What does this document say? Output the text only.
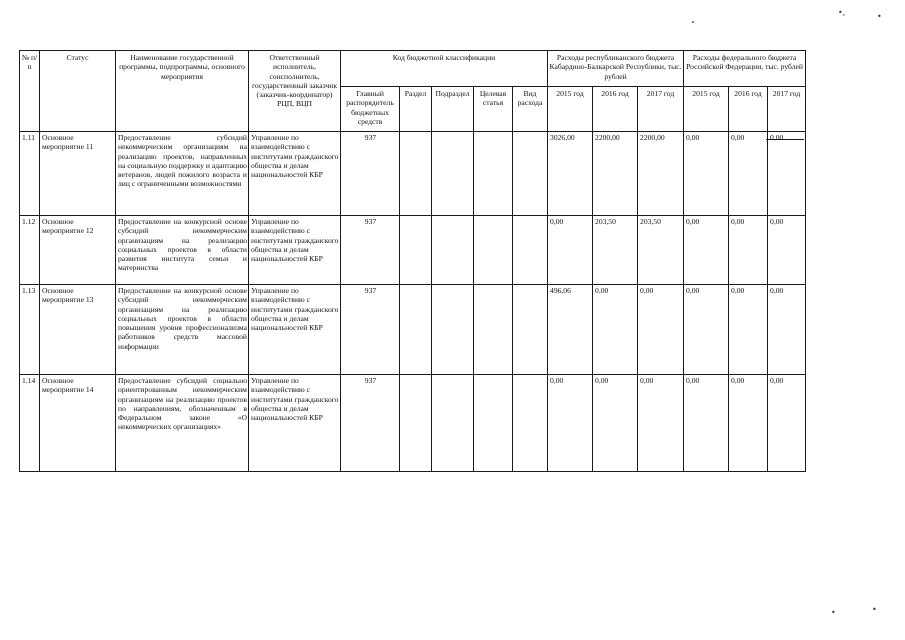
•,	•
•	•
№ п/п	Статус	Наименование государственной программы, подпрограммы, основного мероприятия	Ответственный исполнитель, соисполнитель, государственный заказчик (заказчик-координатор) РЦП, ВЦП	Код бюджетной классификации					Расходы республиканского бюджета Кабардино-Балкарской Республики, тыс. рублей			Расходы федерального бюджета Российской Федерации, тыс. рублей		
				Главный распорядитель бюджетных средств	Раздел	Подраздел	Целевая статья	Вид расхода	2015 год	2016 год	2017 год	2015 год	2016 год	2017 год
1.11	Основное мероприятие 11	Предоставление субсидий некоммерческим организациям на реализацию проектов, направленных на социальную поддержку и адаптацию ветеранов, людей пожилого возраста и лиц с ограниченными возможностями	Управление по взаимодействию с институтами гражданского общества и делам национальностей КБР	937					3026,00	2200,00	2200,00	0,00	0,00	0,00
1.12	Основное мероприятие 12	Предоставление на конкурсной основе субсидий некоммерческим организациям на реализацию социальных проектов в области развития института семьи и материнства	Управление по взаимодействию с институтами гражданского общества и делам национальностей КБР	937					0,00	203,50	203,50	0,00	0,00	0,00
1.13	Основное мероприятие 13	Предоставление на конкурсной основе субсидий некоммерческим организациям на реализацию социальных проектов в области повышения уровня профессионализма работников средств массовой информации	Управление по взаимодействию с институтами гражданского общества и делам национальностей КБР	937					496,06	0,00	0,00	0,00	0,00	0,00
1.14	Основное мероприятие 14	Предоставление субсидий социально ориентированным некоммерческим организациям на реализацию проектов по направлениям, обозначенным в Федеральном законе «О некоммерческих организациях»	Управление по взаимодействию с институтами гражданского общества и делам национальностей КБР	937					0,00	0,00	0,00	0,00	0,00	0,00
